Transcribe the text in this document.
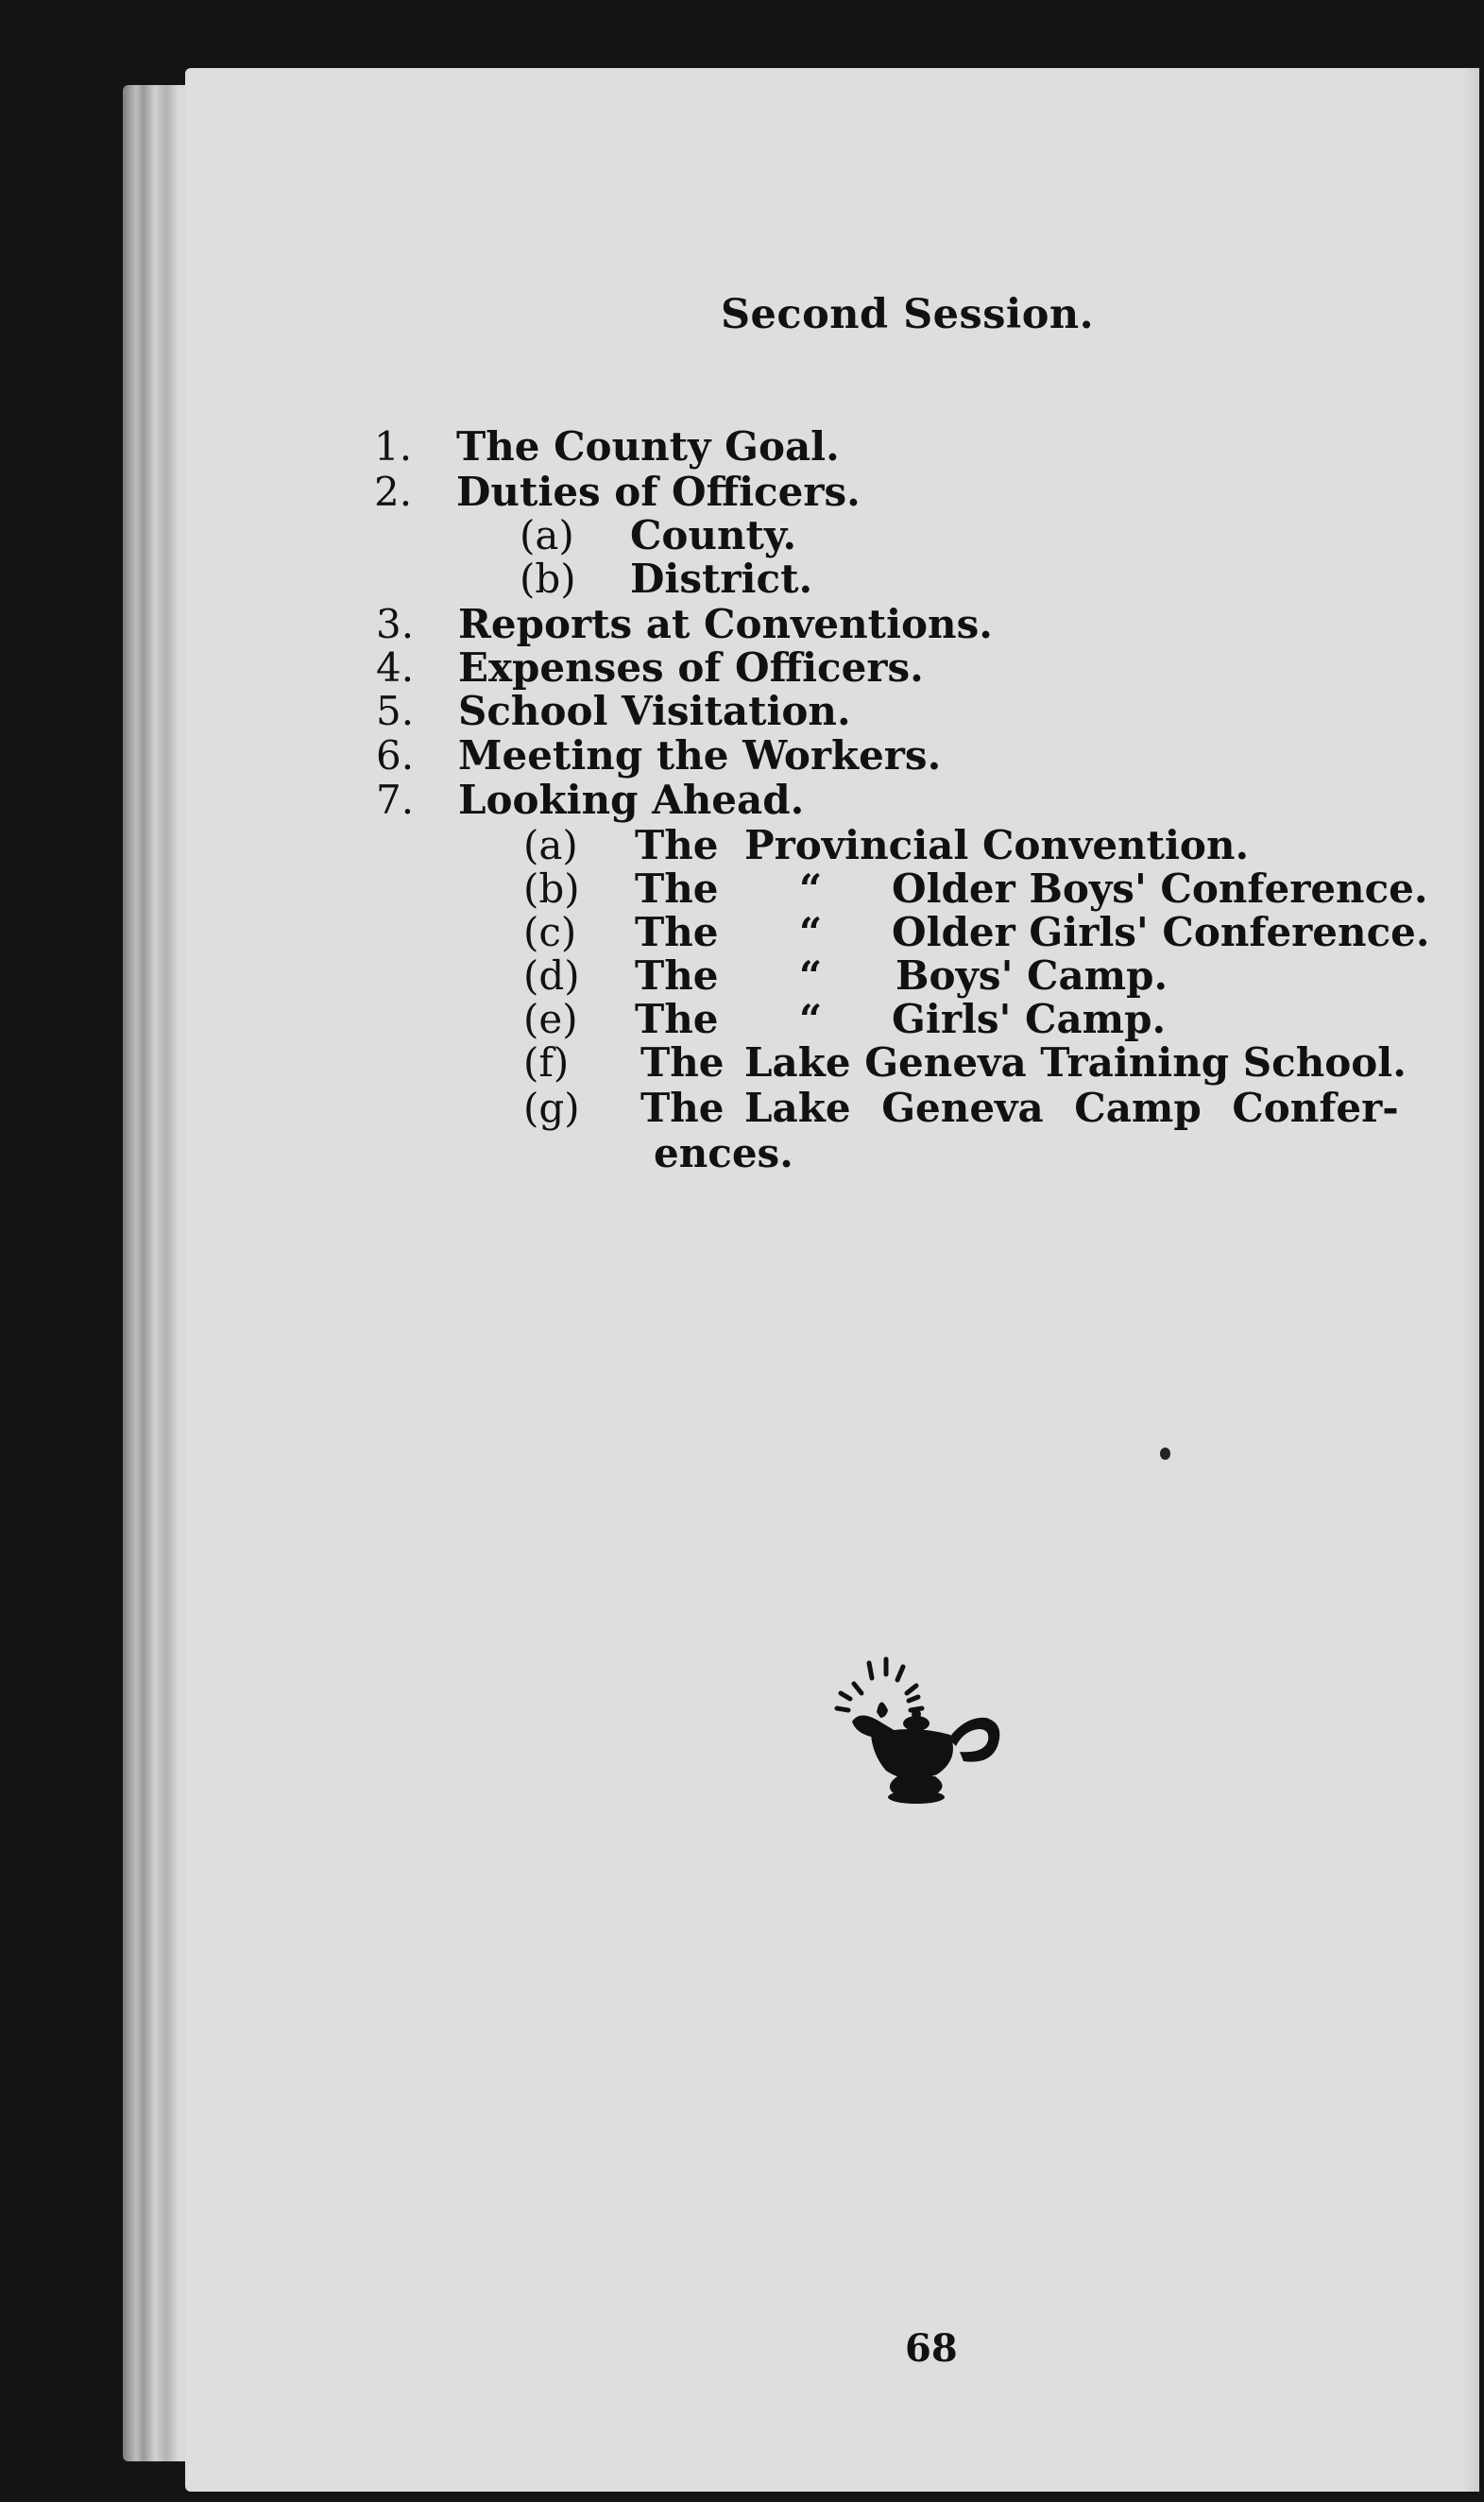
Second Session.
1. The County Goal.
2. Duties of Officers.
(a) County.
(b) District.
3. Reports at Conventions.
4. Expenses of Officers.
5. School Visitation.
6. Meeting the Workers.
7. Looking Ahead.
(a) The Provincial Convention.
(b) The “ Older Boys' Conference.
(c) The “ Older Girls' Conference.
(d) The “ Boys' Camp.
(e) The “ Girls' Camp.
(f) The Lake Geneva Training School.
(g) The Lake Geneva Camp Confer-
ences.
68
